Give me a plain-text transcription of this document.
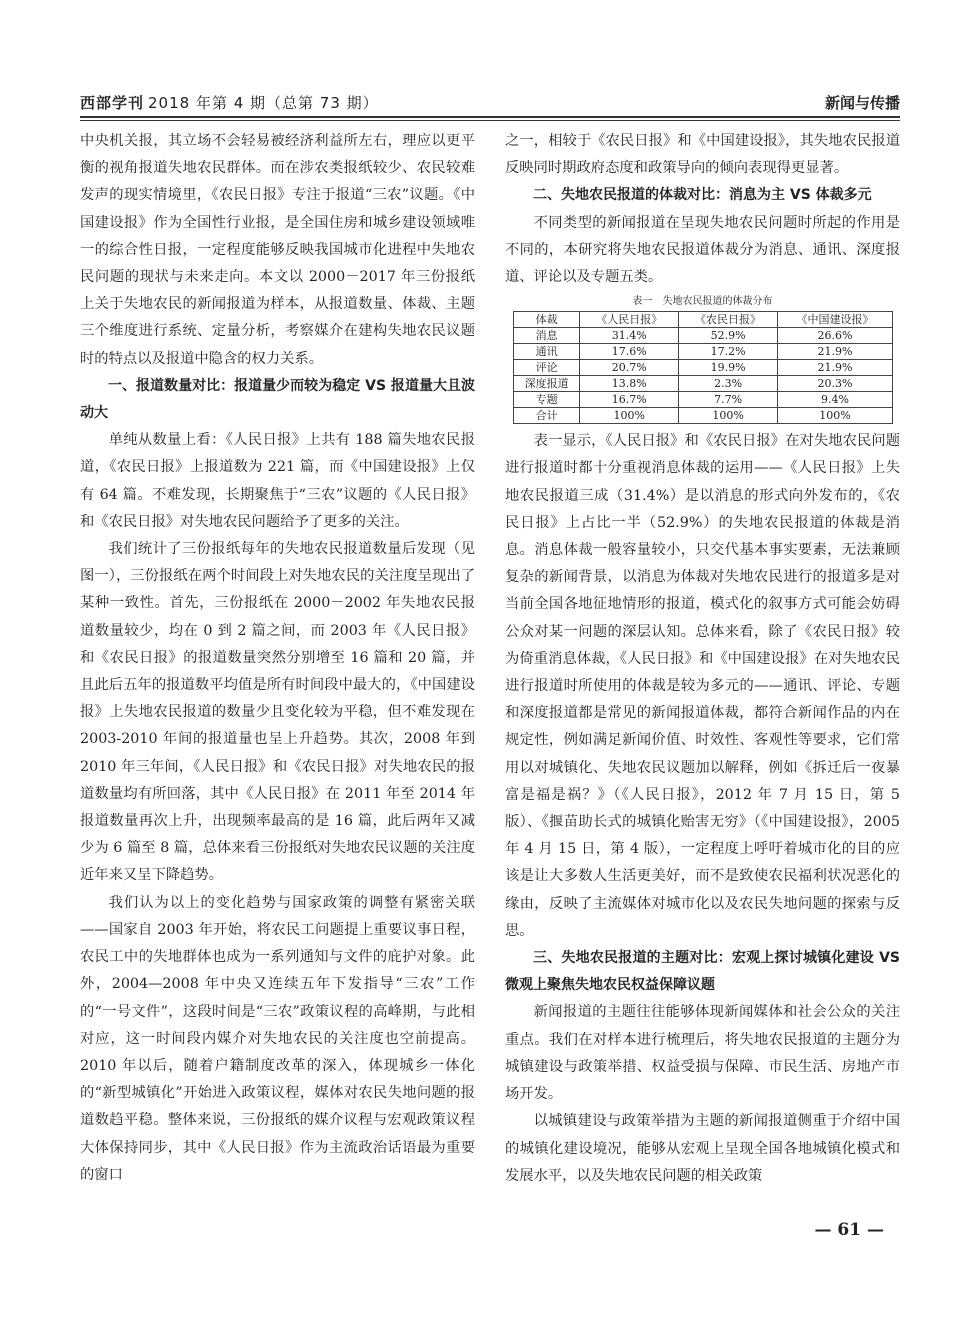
西部学刊 2018 年第 4 期（总第 73 期）	新闻与传播

中央机关报，其立场不会轻易被经济利益所左右，理应以更平衡的视角报道失地农民群体。而在涉农类报纸较少、农民较难发声的现实情境里，《农民日报》专注于报道“三农”议题。《中国建设报》作为全国性行业报，是全国住房和城乡建设领域唯一的综合性日报，一定程度能够反映我国城市化进程中失地农民问题的现状与未来走向。本文以 2000－2017 年三份报纸上关于失地农民的新闻报道为样本，从报道数量、体裁、主题三个维度进行系统、定量分析，考察媒介在建构失地农民议题时的特点以及报道中隐含的权力关系。

一、报道数量对比：报道量少而较为稳定 VS 报道量大且波动大

单纯从数量上看：《人民日报》上共有 188 篇失地农民报道，《农民日报》上报道数为 221 篇，而《中国建设报》上仅有 64 篇。不难发现，长期聚焦于“三农”议题的《人民日报》和《农民日报》对失地农民问题给予了更多的关注。

我们统计了三份报纸每年的失地农民报道数量后发现（见图一），三份报纸在两个时间段上对失地农民的关注度呈现出了某种一致性。首先，三份报纸在 2000－2002 年失地农民报道数量较少，均在 0 到 2 篇之间，而 2003 年《人民日报》和《农民日报》的报道数量突然分别增至 16 篇和 20 篇，并且此后五年的报道数平均值是所有时间段中最大的，《中国建设报》上失地农民报道的数量少且变化较为平稳，但不难发现在 2003-2010 年间的报道量也呈上升趋势。其次，2008 年到 2010 年三年间，《人民日报》和《农民日报》对失地农民的报道数量均有所回落，其中《人民日报》在 2011 年至 2014 年报道数量再次上升，出现频率最高的是 16 篇，此后两年又减少为 6 篇至 8 篇，总体来看三份报纸对失地农民议题的关注度近年来又呈下降趋势。

我们认为以上的变化趋势与国家政策的调整有紧密关联——国家自 2003 年开始，将农民工问题提上重要议事日程，农民工中的失地群体也成为一系列通知与文件的庇护对象。此外，2004—2008 年中央又连续五年下发指导“三农”工作的“一号文件”，这段时间是“三农”政策议程的高峰期，与此相对应，这一时间段内媒介对失地农民的关注度也空前提高。2010 年以后，随着户籍制度改革的深入，体现城乡一体化的“新型城镇化”开始进入政策议程，媒体对农民失地问题的报道数趋平稳。整体来说，三份报纸的媒介议程与宏观政策议程大体保持同步，其中《人民日报》作为主流政治话语最为重要的窗口

之一，相较于《农民日报》和《中国建设报》，其失地农民报道反映同时期政府态度和政策导向的倾向表现得更显著。

二、失地农民报道的体裁对比：消息为主 VS 体裁多元

不同类型的新闻报道在呈现失地农民问题时所起的作用是不同的，本研究将失地农民报道体裁分为消息、通讯、深度报道、评论以及专题五类。

表一　失地农民报道的体裁分布
体裁	《人民日报》	《农民日报》	《中国建设报》
消息	31.4%	52.9%	26.6%
通讯	17.6%	17.2%	21.9%
评论	20.7%	19.9%	21.9%
深度报道	13.8%	2.3%	20.3%
专题	16.7%	7.7%	9.4%
合计	100%	100%	100%

表一显示，《人民日报》和《农民日报》在对失地农民问题进行报道时都十分重视消息体裁的运用——《人民日报》上失地农民报道三成（31.4%）是以消息的形式向外发布的，《农民日报》上占比一半（52.9%）的失地农民报道的体裁是消息。消息体裁一般容量较小，只交代基本事实要素，无法兼顾复杂的新闻背景，以消息为体裁对失地农民进行的报道多是对当前全国各地征地情形的报道，模式化的叙事方式可能会妨碍公众对某一问题的深层认知。总体来看，除了《农民日报》较为倚重消息体裁，《人民日报》和《中国建设报》在对失地农民进行报道时所使用的体裁是较为多元的——通讯、评论、专题和深度报道都是常见的新闻报道体裁，都符合新闻作品的内在规定性，例如满足新闻价值、时效性、客观性等要求，它们常用以对城镇化、失地农民议题加以解释，例如《拆迁后一夜暴富是福是祸？》（《人民日报》，2012 年 7 月 15 日，第 5 版）、《揠苗助长式的城镇化贻害无穷》（《中国建设报》，2005 年 4 月 15 日，第 4 版），一定程度上呼吁着城市化的目的应该是让大多数人生活更美好，而不是致使农民福利状况恶化的缘由，反映了主流媒体对城市化以及农民失地问题的探索与反思。

三、失地农民报道的主题对比：宏观上探讨城镇化建设 VS 微观上聚焦失地农民权益保障议题

新闻报道的主题往往能够体现新闻媒体和社会公众的关注重点。我们在对样本进行梳理后，将失地农民报道的主题分为城镇建设与政策举措、权益受损与保障、市民生活、房地产市场开发。

以城镇建设与政策举措为主题的新闻报道侧重于介绍中国的城镇化建设境况，能够从宏观上呈现全国各地城镇化模式和发展水平，以及失地农民问题的相关政策

— 61 —
